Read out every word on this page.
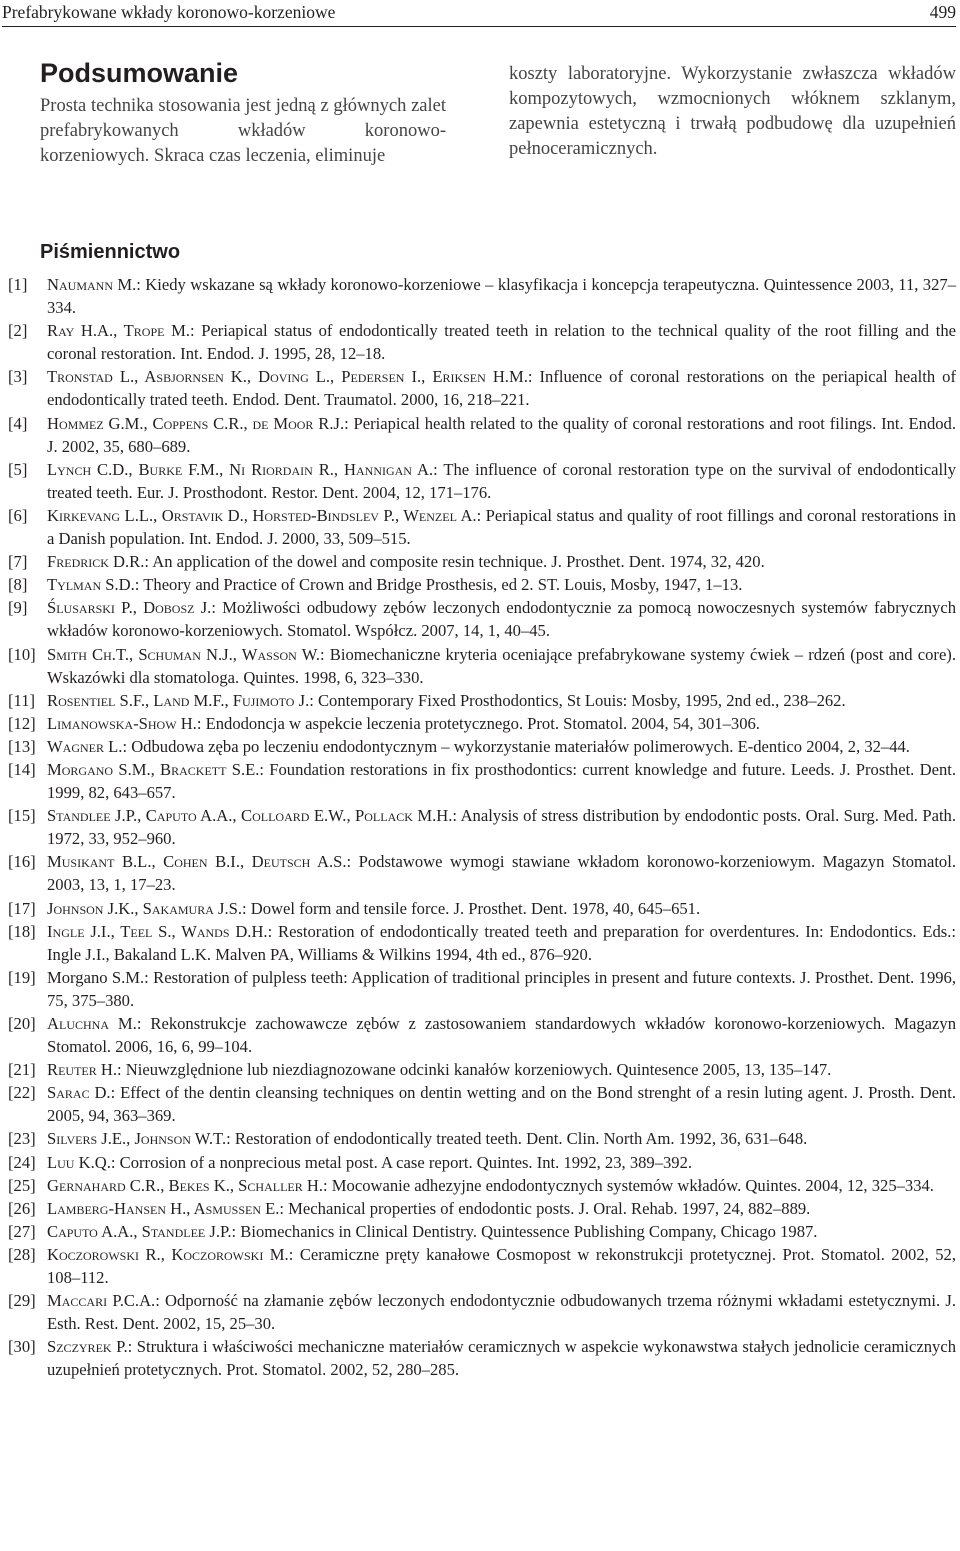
Prefabrykowane wkłady koronowo-korzeniowe	499
Podsumowanie

Prosta technika stosowania jest jedną z głównych zalet prefabrykowanych wkładów koronowo-korzeniowych. Skraca czas leczenia, eliminuje

koszty laboratoryjne. Wykorzystanie zwłaszcza wkładów kompozytowych, wzmocnionych włóknem szklanym, zapewnia estetyczną i trwałą podbudowę dla uzupełnień pełnoceramicznych.

Piśmiennictwo
[1]	Naumann M.: Kiedy wskazane są wkłady koronowo-korzeniowe – klasyfikacja i koncepcja terapeutyczna. Quintessence 2003, 11, 327–334.
[2]	Ray H.A., Trope M.: Periapical status of endodontically treated teeth in relation to the technical quality of the root filling and the coronal restoration. Int. Endod. J. 1995, 28, 12–18.
[3]	Tronstad L., Asbjornsen K., Doving L., Pedersen I., Eriksen H.M.: Influence of coronal restorations on the periapical health of endodontically trated teeth. Endod. Dent. Traumatol. 2000, 16, 218–221.
[4]	Hommez G.M., Coppens C.R., de Moor R.J.: Periapical health related to the quality of coronal restorations and root filings. Int. Endod. J. 2002, 35, 680–689.
[5]	Lynch C.D., Burke F.M., Ni Riordain R., Hannigan A.: The influence of coronal restoration type on the survival of endodontically treated teeth. Eur. J. Prosthodont. Restor. Dent. 2004, 12, 171–176.
[6]	Kirkevang L.L., Orstavik D., Horsted-Bindslev P., Wenzel A.: Periapical status and quality of root fillings and coronal restorations in a Danish population. Int. Endod. J. 2000, 33, 509–515.
[7]	Fredrick D.R.: An application of the dowel and composite resin technique. J. Prosthet. Dent. 1974, 32, 420.
[8]	Tylman S.D.: Theory and Practice of Crown and Bridge Prosthesis, ed 2. ST. Louis, Mosby, 1947, 1–13.
[9]	Ślusarski P., Dobosz J.: Możliwości odbudowy zębów leczonych endodontycznie za pomocą nowoczesnych systemów fabrycznych wkładów koronowo-korzeniowych. Stomatol. Współcz. 2007, 14, 1, 40–45.
[10] Smith Ch.T., Schuman N.J., Wasson W.: Biomechaniczne kryteria oceniające prefabrykowane systemy ćwiek – rdzeń (post and core). Wskazówki dla stomatologa. Quintes. 1998, 6, 323–330.
[11] Rosentiel S.F., Land M.F., Fujimoto J.: Contemporary Fixed Prosthodontics, St Louis: Mosby, 1995, 2nd ed., 238–262.
[12] Limanowska-Show H.: Endodoncja w aspekcie leczenia protetycznego. Prot. Stomatol. 2004, 54, 301–306.
[13] Wagner L.: Odbudowa zęba po leczeniu endodontycznym – wykorzystanie materiałów polimerowych. E-dentico 2004, 2, 32–44.
[14] Morgano S.M., Brackett S.E.: Foundation restorations in fix prosthodontics: current knowledge and future. Leeds. J. Prosthet. Dent. 1999, 82, 643–657.
[15] Standlee J.P., Caputo A.A., Colloard E.W., Pollack M.H.: Analysis of stress distribution by endodontic posts. Oral. Surg. Med. Path. 1972, 33, 952–960.
[16] Musikant B.L., Cohen B.I., Deutsch A.S.: Podstawowe wymogi stawiane wkładom koronowo-korzeniowym. Magazyn Stomatol. 2003, 13, 1, 17–23.
[17] Johnson J.K., Sakamura J.S.: Dowel form and tensile force. J. Prosthet. Dent. 1978, 40, 645–651.
[18] Ingle J.I., Teel S., Wands D.H.: Restoration of endodontically treated teeth and preparation for overdentures. In: Endodontics. Eds.: Ingle J.I., Bakaland L.K. Malven PA, Williams & Wilkins 1994, 4th ed., 876–920.
[19] Morgano S.M.: Restoration of pulpless teeth: Application of traditional principles in present and future contexts. J. Prosthet. Dent. 1996, 75, 375–380.
[20] Aluchna M.: Rekonstrukcje zachowawcze zębów z zastosowaniem standardowych wkładów koronowo-korzeniowych. Magazyn Stomatol. 2006, 16, 6, 99–104.
[21] Reuter H.: Nieuwzględnione lub niezdiagnozowane odcinki kanałów korzeniowych. Quintesence 2005, 13, 135–147.
[22] Sarac D.: Effect of the dentin cleansing techniques on dentin wetting and on the Bond strenght of a resin luting agent. J. Prosth. Dent. 2005, 94, 363–369.
[23] Silvers J.E., Johnson W.T.: Restoration of endodontically treated teeth. Dent. Clin. North Am. 1992, 36, 631–648.
[24] Luu K.Q.: Corrosion of a nonprecious metal post. A case report. Quintes. Int. 1992, 23, 389–392.
[25] Gernahard C.R., Bekes K., Schaller H.: Mocowanie adhezyjne endodontycznych systemów wkładów. Quintes. 2004, 12, 325–334.
[26] Lamberg-Hansen H., Asmussen E.: Mechanical properties of endodontic posts. J. Oral. Rehab. 1997, 24, 882–889.
[27] Caputo A.A., Standlee J.P.: Biomechanics in Clinical Dentistry. Quintessence Publishing Company, Chicago 1987.
[28] Koczorowski R., Koczorowski M.: Ceramiczne pręty kanałowe Cosmopost w rekonstrukcji protetycznej. Prot. Stomatol. 2002, 52, 108–112.
[29] Maccari P.C.A.: Odporność na złamanie zębów leczonych endodontycznie odbudowanych trzema różnymi wkładami estetycznymi. J. Esth. Rest. Dent. 2002, 15, 25–30.
[30] Szczyrek P.: Struktura i właściwości mechaniczne materiałów ceramicznych w aspekcie wykonawstwa stałych jednolicie ceramicznych uzupełnień protetycznych. Prot. Stomatol. 2002, 52, 280–285.
